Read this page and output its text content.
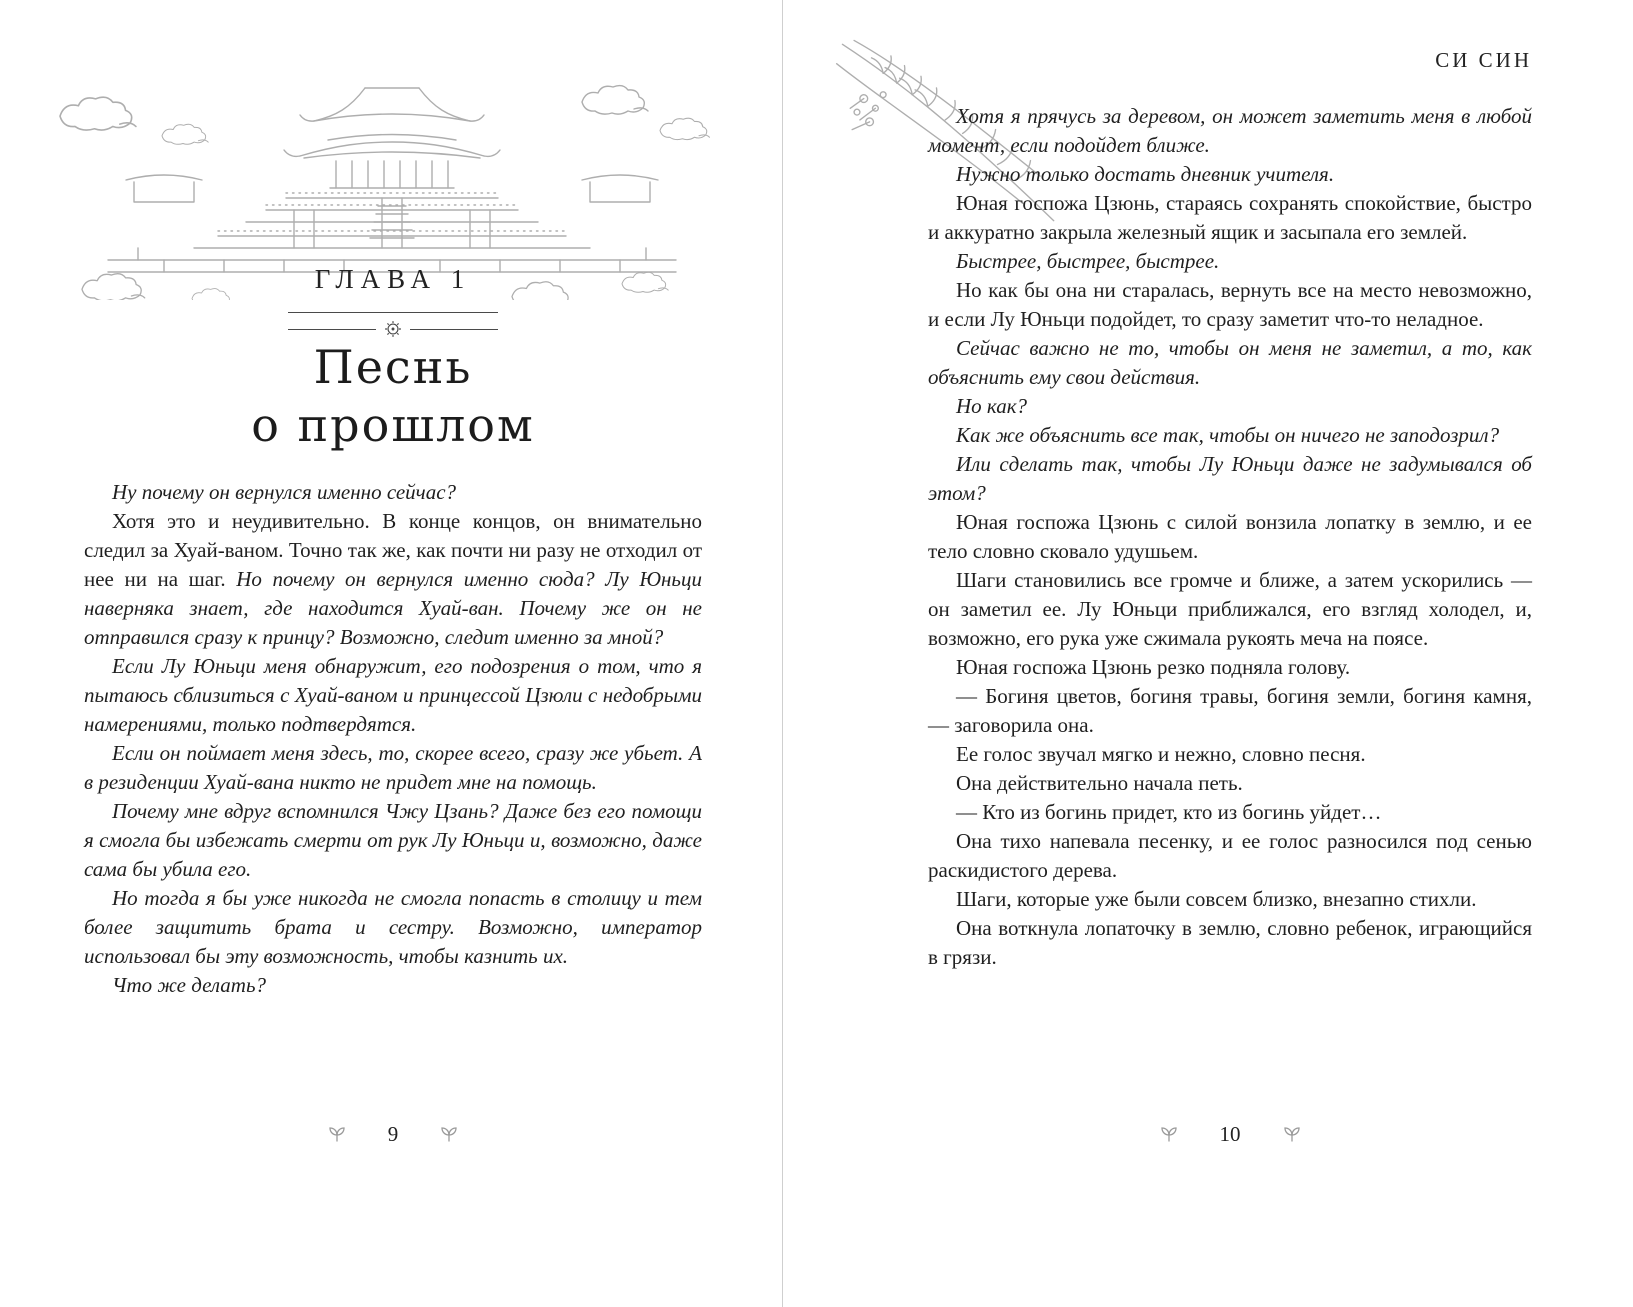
ГЛАВА 1
Песнь
о прошлом

Ну почему он вернулся именно сейчас?

Хотя это и неудивительно. В конце концов, он внимательно следил за Хуай-ваном. Точно так же, как почти ни разу не отходил от нее ни на шаг. Но почему он вернулся именно сюда? Лу Юньци наверняка знает, где находится Хуай-ван. Почему же он не отправился сразу к принцу? Возможно, следит именно за мной?

Если Лу Юньци меня обнаружит, его подозрения о том, что я пытаюсь сблизиться с Хуай-ваном и принцессой Цзюли с недобрыми намерениями, только подтвердятся.

Если он поймает меня здесь, то, скорее всего, сразу же убьет. А в резиденции Хуай-вана никто не придет мне на помощь.

Почему мне вдруг вспомнился Чжу Цзань? Даже без его помощи я смогла бы избежать смерти от рук Лу Юньци и, возможно, даже сама бы убила его.

Но тогда я бы уже никогда не смогла попасть в столицу и тем более защитить брата и сестру. Возможно, император использовал бы эту возможность, чтобы казнить их.

Что же делать?

9
СИ СИН

Хотя я прячусь за деревом, он может заметить меня в любой момент, если подойдет ближе.

Нужно только достать дневник учителя.

Юная госпожа Цзюнь, стараясь сохранять спокойствие, быстро и аккуратно закрыла железный ящик и засыпала его землей.

Быстрее, быстрее, быстрее.

Но как бы она ни старалась, вернуть все на место невозможно, и если Лу Юньци подойдет, то сразу заметит что-то неладное.

Сейчас важно не то, чтобы он меня не заметил, а то, как объяснить ему свои действия.

Но как?

Как же объяснить все так, чтобы он ничего не заподозрил?

Или сделать так, чтобы Лу Юньци даже не задумывался об этом?

Юная госпожа Цзюнь с силой вонзила лопатку в землю, и ее тело словно сковало удушьем.

Шаги становились все громче и ближе, а затем ускорились — он заметил ее. Лу Юньци приближался, его взгляд холодел, и, возможно, его рука уже сжимала рукоять меча на поясе.

Юная госпожа Цзюнь резко подняла голову.

— Богиня цветов, богиня травы, богиня земли, богиня камня, — заговорила она.

Ее голос звучал мягко и нежно, словно песня.

Она действительно начала петь.

— Кто из богинь придет, кто из богинь уйдет…

Она тихо напевала песенку, и ее голос разносился под сенью раскидистого дерева.

Шаги, которые уже были совсем близко, внезапно стихли.

Она воткнула лопаточку в землю, словно ребенок, играющийся в грязи.

10
